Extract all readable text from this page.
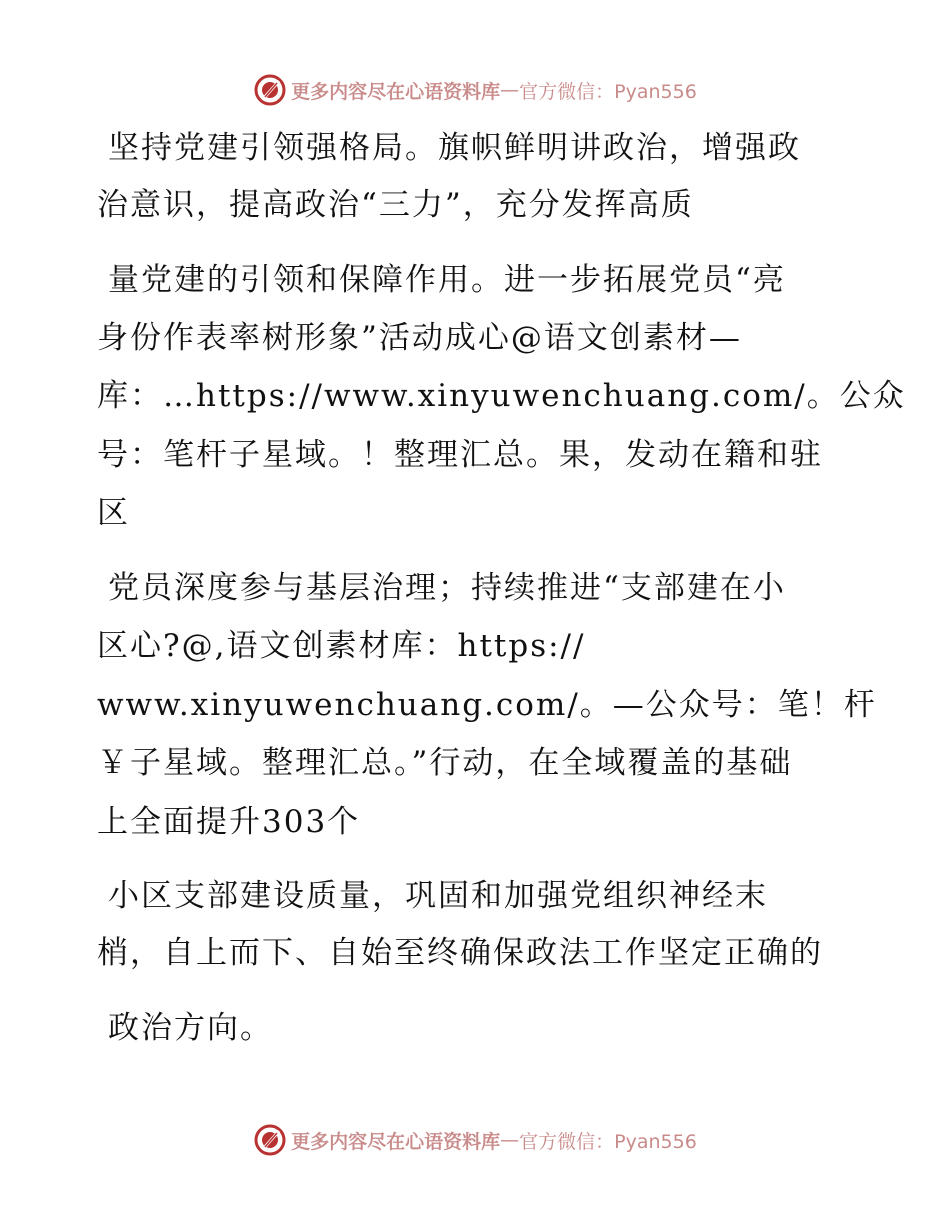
更多内容尽在心语资料库 — 官方微信：Pyan556
坚持党建引领强格局。旗帜鲜明讲政治，增强政
治意识，提高政治“三力”，充分发挥高质
量党建的引领和保障作用。进一步拓展党员“亮
身份作表率树形象”活动成心@语文创素材—
库：…https://www.xinyuwenchuang.com/。公众
号：笔杆子星域。！整理汇总。果，发动在籍和驻
区
党员深度参与基层治理；持续推进“支部建在小
区心?@,语文创素材库：https://
www.xinyuwenchuang.com/。—公众号：笔！杆
￥子星域。整理汇总。”行动，在全域覆盖的基础
上全面提升303个
小区支部建设质量，巩固和加强党组织神经末
梢，自上而下、自始至终确保政法工作坚定正确的
政治方向。
更多内容尽在心语资料库 — 官方微信：Pyan556
